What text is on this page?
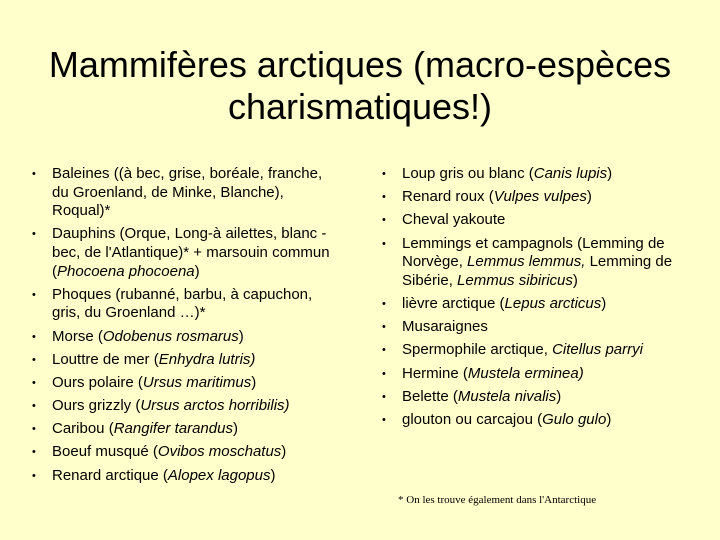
Mammifères arctiques (macro-espèces charismatiques!)
• Baleines ((à bec, grise, boréale, franche, du Groenland, de Minke, Blanche), Roqual)*
• Dauphins (Orque, Long-à ailettes, blanc -bec, de l'Atlantique)* + marsouin commun (Phocoena phocoena)
• Phoques (rubanné, barbu, à capuchon, gris, du Groenland …)*
• Morse (Odobenus rosmarus)
• Louttre de mer (Enhydra lutris)
• Ours polaire (Ursus maritimus)
• Ours grizzly (Ursus arctos horribilis)
• Caribou (Rangifer tarandus)
• Boeuf musqué (Ovibos moschatus)
• Renard arctique (Alopex lagopus)
• Loup gris ou blanc (Canis lupis)
• Renard roux (Vulpes vulpes)
• Cheval yakoute
• Lemmings et campagnols (Lemming de Norvège, Lemmus lemmus, Lemming de Sibérie, Lemmus sibiricus)
• lièvre arctique (Lepus arcticus)
• Musaraignes
• Spermophile arctique, Citellus parryi
• Hermine (Mustela erminea)
• Belette (Mustela nivalis)
• glouton ou carcajou (Gulo gulo)
* On les trouve également dans l'Antarctique
